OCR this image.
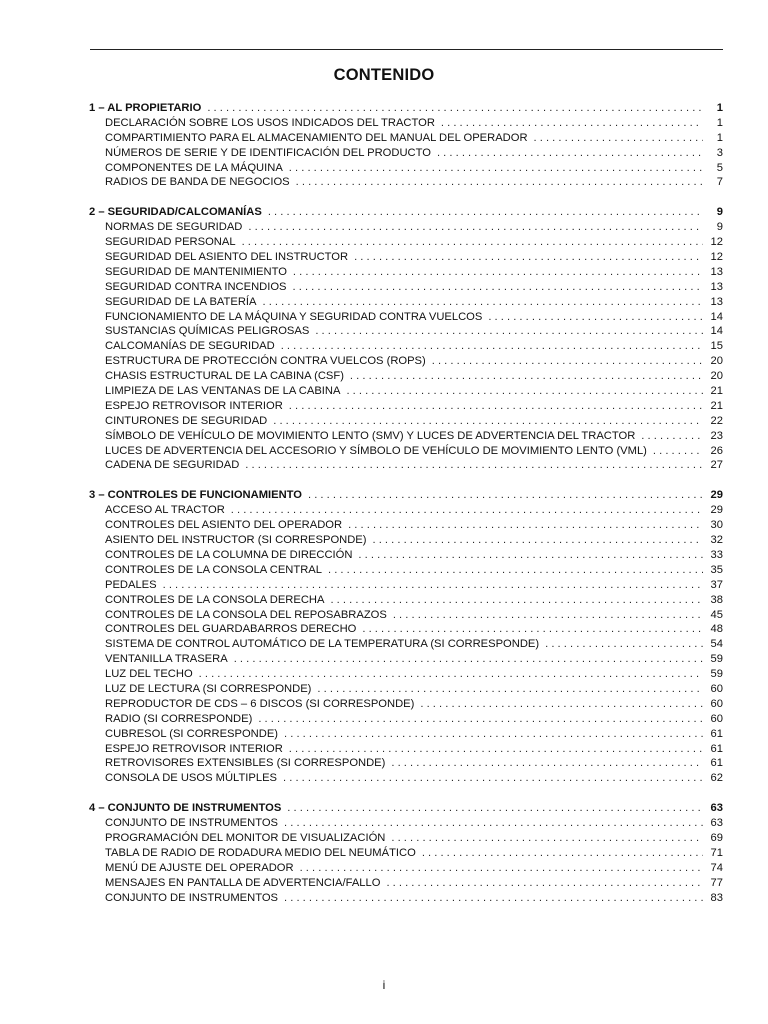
CONTENIDO
1 – AL PROPIETARIO . . .	1
DECLARACIÓN SOBRE LOS USOS INDICADOS DEL TRACTOR . . .	1
COMPARTIMIENTO PARA EL ALMACENAMIENTO DEL MANUAL DEL OPERADOR . . .	1
NÚMEROS DE SERIE Y DE IDENTIFICACIÓN DEL PRODUCTO . . .	3
COMPONENTES DE LA MÁQUINA . . .	5
RADIOS DE BANDA DE NEGOCIOS . . .	7
2 – SEGURIDAD/CALCOMANÍAS . . .	9
NORMAS DE SEGURIDAD . . .	9
SEGURIDAD PERSONAL . . .	12
SEGURIDAD DEL ASIENTO DEL INSTRUCTOR . . .	12
SEGURIDAD DE MANTENIMIENTO . . .	13
SEGURIDAD CONTRA INCENDIOS . . .	13
SEGURIDAD DE LA BATERÍA . . .	13
FUNCIONAMIENTO DE LA MÁQUINA Y SEGURIDAD CONTRA VUELCOS . . .	14
SUSTANCIAS QUÍMICAS PELIGROSAS . . .	14
CALCOMANÍAS DE SEGURIDAD . . .	15
ESTRUCTURA DE PROTECCIÓN CONTRA VUELCOS (ROPS) . . .	20
CHASIS ESTRUCTURAL DE LA CABINA (CSF) . . .	20
LIMPIEZA DE LAS VENTANAS DE LA CABINA . . .	21
ESPEJO RETROVISOR INTERIOR . . .	21
CINTURONES DE SEGURIDAD . . .	22
SÍMBOLO DE VEHÍCULO DE MOVIMIENTO LENTO (SMV) Y LUCES DE ADVERTENCIA DEL TRACTOR . . .	23
LUCES DE ADVERTENCIA DEL ACCESORIO Y SÍMBOLO DE VEHÍCULO DE MOVIMIENTO LENTO (VML) . . .	26
CADENA DE SEGURIDAD . . .	27
3 – CONTROLES DE FUNCIONAMIENTO . . .	29
ACCESO AL TRACTOR . . .	29
CONTROLES DEL ASIENTO DEL OPERADOR . . .	30
ASIENTO DEL INSTRUCTOR (SI CORRESPONDE) . . .	32
CONTROLES DE LA COLUMNA DE DIRECCIÓN . . .	33
CONTROLES DE LA CONSOLA CENTRAL . . .	35
PEDALES . . .	37
CONTROLES DE LA CONSOLA DERECHA . . .	38
CONTROLES DE LA CONSOLA DEL REPOSABRAZOS . . .	45
CONTROLES DEL GUARDABARROS DERECHO . . .	48
SISTEMA DE CONTROL AUTOMÁTICO DE LA TEMPERATURA (SI CORRESPONDE) . . .	54
VENTANILLA TRASERA . . .	59
LUZ DEL TECHO . . .	59
LUZ DE LECTURA (SI CORRESPONDE) . . .	60
REPRODUCTOR DE CDS – 6 DISCOS (SI CORRESPONDE) . . .	60
RADIO (SI CORRESPONDE) . . .	60
CUBRESOL (SI CORRESPONDE) . . .	61
ESPEJO RETROVISOR INTERIOR . . .	61
RETROVISORES EXTENSIBLES (SI CORRESPONDE) . . .	61
CONSOLA DE USOS MÚLTIPLES . . .	62
4 – CONJUNTO DE INSTRUMENTOS . . .	63
CONJUNTO DE INSTRUMENTOS . . .	63
PROGRAMACIÓN DEL MONITOR DE VISUALIZACIÓN . . .	69
TABLA DE RADIO DE RODADURA MEDIO DEL NEUMÁTICO . . .	71
MENÚ DE AJUSTE DEL OPERADOR . . .	74
MENSAJES EN PANTALLA DE ADVERTENCIA/FALLO . . .	77
CONJUNTO DE INSTRUMENTOS . . .	83
i
